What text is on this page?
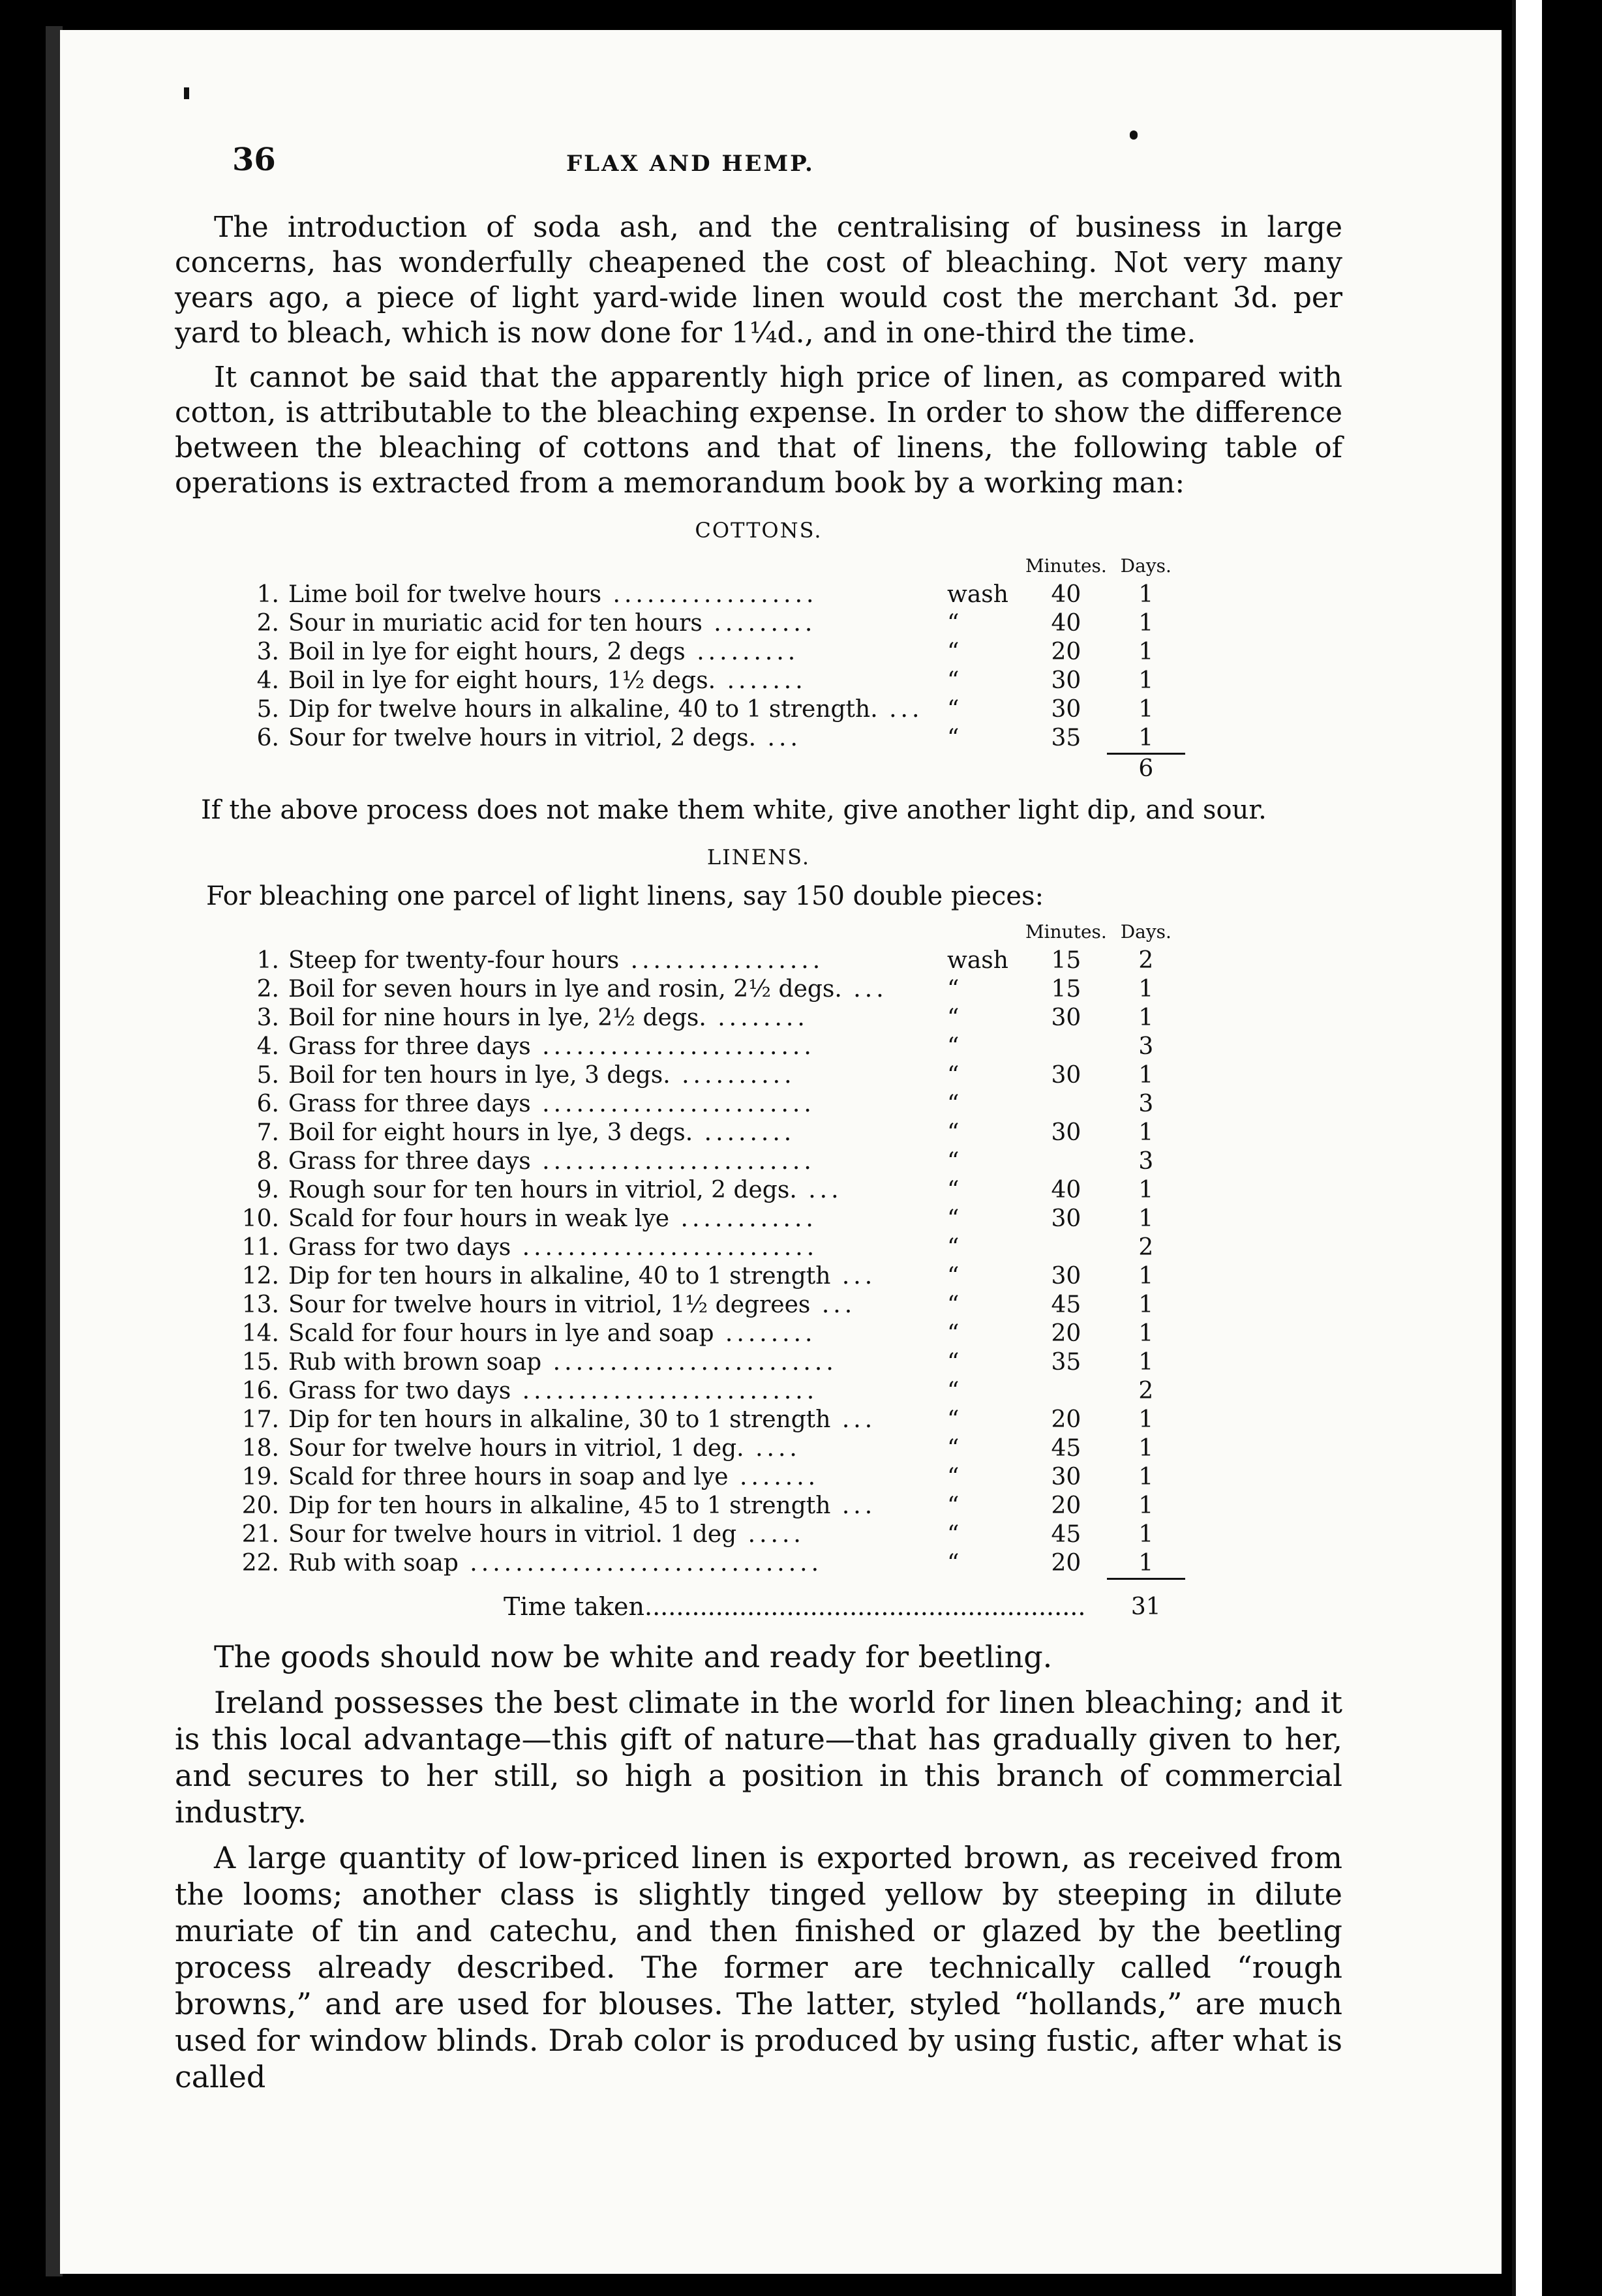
36	FLAX AND HEMP.

The introduction of soda ash, and the centralising of business in large concerns, has wonderfully cheapened the cost of bleaching. Not very many years ago, a piece of light yard-wide linen would cost the merchant 3d. per yard to bleach, which is now done for 1¼d., and in one-third the time.

It cannot be said that the apparently high price of linen, as compared with cotton, is attributable to the bleaching expense. In order to show the difference between the bleaching of cottons and that of linens, the following table of operations is extracted from a memorandum book by a working man:

COTTONS.
			Minutes.	Days.
1.	Lime boil for twelve hours ..................	wash	40	1
2.	Sour in muriatic acid for ten hours .........	“	40	1
3.	Boil in lye for eight hours, 2 degs .........	“	20	1
4.	Boil in lye for eight hours, 1½ degs. .......	“	30	1
5.	Dip for twelve hours in alkaline, 40 to 1 strength. ...	“	30	1
6.	Sour for twelve hours in vitriol, 2 degs. ...	“	35	1
				6
If the above process does not make them white, give another light dip, and sour.
LINENS.
For bleaching one parcel of light linens, say 150 double pieces:
			Minutes.	Days.
1.	Steep for twenty-four hours .................	wash	15	2
2.	Boil for seven hours in lye and rosin, 2½ degs. ...	“	15	1
3.	Boil for nine hours in lye, 2½ degs. ........	“	30	1
4.	Grass for three days ........................	“		3
5.	Boil for ten hours in lye, 3 degs. ..........	“	30	1
6.	Grass for three days ........................	“		3
7.	Boil for eight hours in lye, 3 degs. ........	“	30	1
8.	Grass for three days ........................	“		3
9.	Rough sour for ten hours in vitriol, 2 degs. ...	“	40	1
10.	Scald for four hours in weak lye ............	“	30	1
11.	Grass for two days ..........................	“		2
12.	Dip for ten hours in alkaline, 40 to 1 strength ...	“	30	1
13.	Sour for twelve hours in vitriol, 1½ degrees ...	“	45	1
14.	Scald for four hours in lye and soap ........	“	20	1
15.	Rub with brown soap .........................	“	35	1
16.	Grass for two days ..........................	“		2
17.	Dip for ten hours in alkaline, 30 to 1 strength ...	“	20	1
18.	Sour for twelve hours in vitriol, 1 deg. ....	“	45	1
19.	Scald for three hours in soap and lye .......	“	30	1
20.	Dip for ten hours in alkaline, 45 to 1 strength ...	“	20	1
21.	Sour for twelve hours in vitriol. 1 deg .....	“	45	1
22.	Rub with soap ...............................	“	20	1
	Time taken........................................................			31

The goods should now be white and ready for beetling.

Ireland possesses the best climate in the world for linen bleaching; and it is this local advantage—this gift of nature—that has gradually given to her, and secures to her still, so high a position in this branch of commercial industry.

A large quantity of low-priced linen is exported brown, as received from the looms; another class is slightly tinged yellow by steeping in dilute muriate of tin and catechu, and then finished or glazed by the beetling process already described. The former are technically called “rough browns,” and are used for blouses. The latter, styled “hollands,” are much used for window blinds. Drab color is produced by using fustic, after what is called
